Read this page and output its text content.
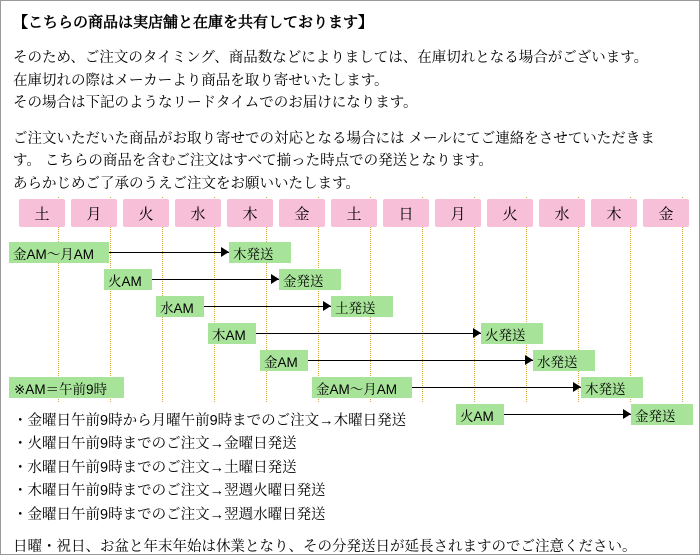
【こちらの商品は実店舗と在庫を共有しております】
そのため、ご注文のタイミング、商品数などによりましては、在庫切れとなる場合がございます。
在庫切れの際はメーカーより商品を取り寄せいたします。
その場合は下記のようなリードタイムでのお届けになります。
ご注文いただいた商品がお取り寄せでの対応となる場合には メールにてご連絡をさせていただきま
す。 こちらの商品を含むご注文はすべて揃った時点での発送となります。
あらかじめご了承のうえご注文をお願いいたします。
土	月	火	水	木	金	土	日	月	火	水	木	金
金AM〜月AM	木発送
火AM	金発送
水AM	土発送
木AM	火発送
金AM	水発送
金AM〜月AM	木発送
火AM	金発送
※AM＝午前9時
・金曜日午前9時から月曜午前9時までのご注文→木曜日発送
・火曜日午前9時までのご注文→金曜日発送
・水曜日午前9時までのご注文→土曜日発送
・木曜日午前9時までのご注文→翌週火曜日発送
・金曜日午前9時までのご注文→翌週水曜日発送
日曜・祝日、お盆と年末年始は休業となり、その分発送日が延長されますのでご注意ください。
